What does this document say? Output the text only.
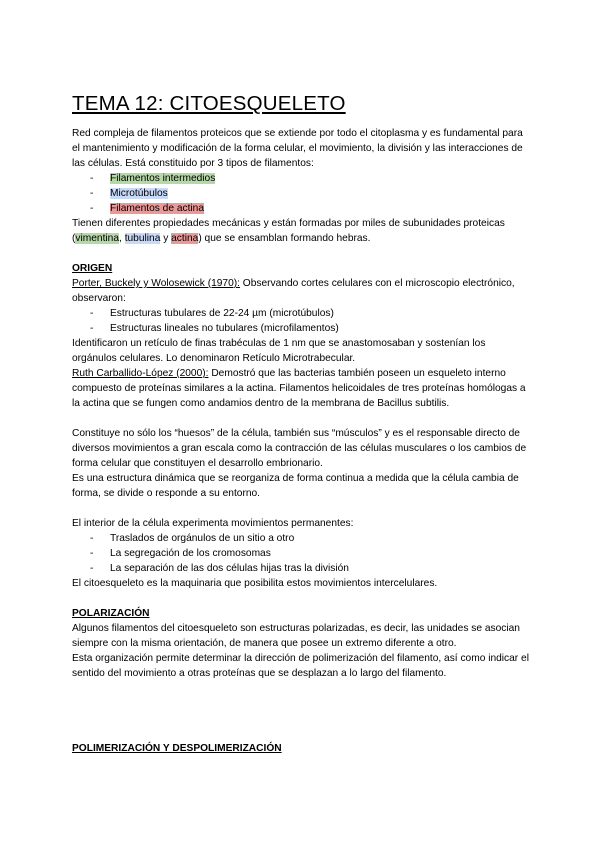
TEMA 12: CITOESQUELETO

Red compleja de filamentos proteicos que se extiende por todo el citoplasma y es fundamental para el mantenimiento y modificación de la forma celular, el movimiento, la división y las interacciones de las células. Está constituido por 3 tipos de filamentos:

- Filamentos intermedios
- Microtúbulos
- Filamentos de actina

Tienen diferentes propiedades mecánicas y están formadas por miles de subunidades proteicas (vimentina, tubulina y actina) que se ensamblan formando hebras.

ORIGEN

Porter, Buckely y Wolosewick (1970): Observando cortes celulares con el microscopio electrónico, observaron:

- Estructuras tubulares de 22-24 µm (microtúbulos)
- Estructuras lineales no tubulares (microfilamentos)

Identificaron un retículo de finas trabéculas de 1 nm que se anastomosaban y sostenían los orgánulos celulares. Lo denominaron Retículo Microtrabecular.

Ruth Carballido-López (2000): Demostró que las bacterias también poseen un esqueleto interno compuesto de proteínas similares a la actina. Filamentos helicoidales de tres proteínas homólogas a la actina que se fungen como andamios dentro de la membrana de Bacillus subtilis.

Constituye no sólo los “huesos” de la célula, también sus “músculos” y es el responsable directo de diversos movimientos a gran escala como la contracción de las células musculares o los cambios de forma celular que constituyen el desarrollo embrionario.

Es una estructura dinámica que se reorganiza de forma continua a medida que la célula cambia de forma, se divide o responde a su entorno.

El interior de la célula experimenta movimientos permanentes:

- Traslados de orgánulos de un sitio a otro
- La segregación de los cromosomas
- La separación de las dos células hijas tras la división

El citoesqueleto es la maquinaria que posibilita estos movimientos intercelulares.

POLARIZACIÓN

Algunos filamentos del citoesqueleto son estructuras polarizadas, es decir, las unidades se asocian siempre con la misma orientación, de manera que posee un extremo diferente a otro.

Esta organización permite determinar la dirección de polimerización del filamento, así como indicar el sentido del movimiento a otras proteínas que se desplazan a lo largo del filamento.

POLIMERIZACIÓN Y DESPOLIMERIZACIÓN
